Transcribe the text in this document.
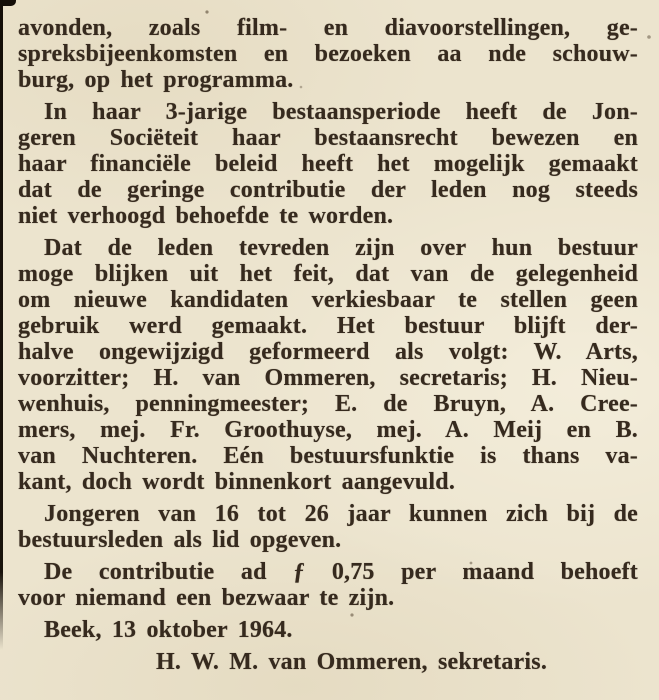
avonden, zoals film- en diavoorstellingen, ge-

spreksbijeenkomsten en bezoeken aa nde schouw-

burg, op het programma.

In haar 3-jarige bestaansperiode heeft de Jon-

geren Sociëteit haar bestaansrecht bewezen en

haar financiële beleid heeft het mogelijk gemaakt

dat de geringe contributie der leden nog steeds

niet verhoogd behoefde te worden.

Dat de leden tevreden zijn over hun bestuur

moge blijken uit het feit, dat van de gelegenheid

om nieuwe kandidaten verkiesbaar te stellen geen

gebruik werd gemaakt. Het bestuur blijft der-

halve ongewijzigd geformeerd als volgt: W. Arts,

voorzitter; H. van Ommeren, secretaris; H. Nieu-

wenhuis, penningmeester; E. de Bruyn, A. Cree-

mers, mej. Fr. Groothuyse, mej. A. Meij en B.

van Nuchteren. Eén bestuursfunktie is thans va-

kant, doch wordt binnenkort aangevuld.

Jongeren van 16 tot 26 jaar kunnen zich bij de

bestuursleden als lid opgeven.

De contributie ad ƒ 0,75 per maand behoeft

voor niemand een bezwaar te zijn.

Beek, 13 oktober 1964.

H. W. M. van Ommeren, sekretaris.
